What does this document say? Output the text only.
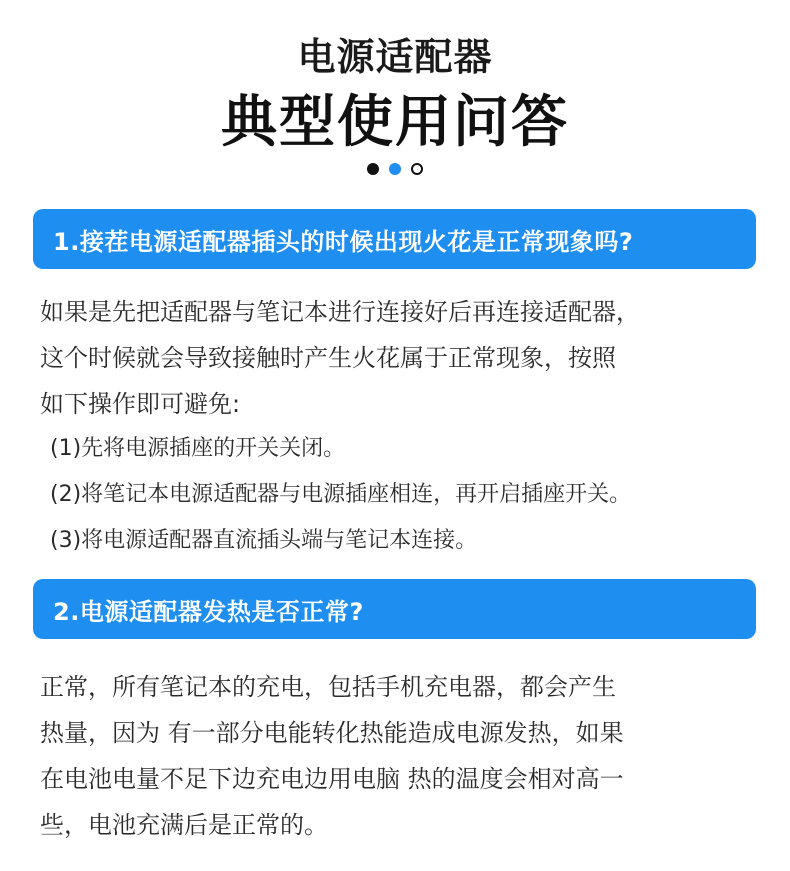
电源适配器
典型使用问答
1.接茬电源适配器插头的时候出现火花是正常现象吗?
如果是先把适配器与笔记本进行连接好后再连接适配器，
这个时候就会导致接触时产生火花属于正常现象，按照
如下操作即可避免:
(1)先将电源插座的开关关闭。
(2)将笔记本电源适配器与电源插座相连，再开启插座开关。
(3)将电源适配器直流插头端与笔记本连接。
2.电源适配器发热是否正常?
正常，所有笔记本的充电，包括手机充电器，都会产生
热量，因为 有一部分电能转化热能造成电源发热，如果
在电池电量不足下边充电边用电脑 热的温度会相对高一
些，电池充满后是正常的。
